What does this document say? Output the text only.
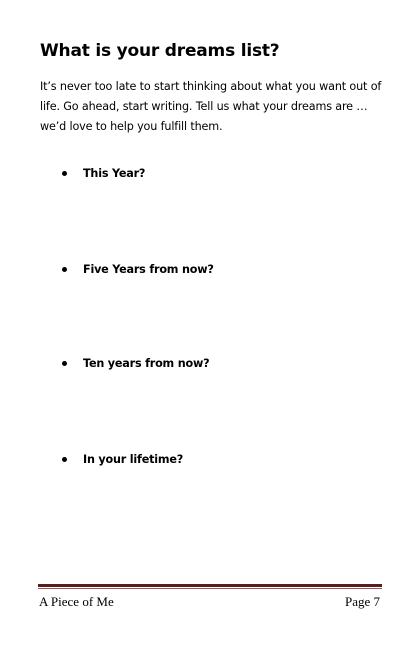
What is your dreams list?

It’s never too late to start thinking about what you want out of life. Go ahead, start writing. Tell us what your dreams are … we’d love to help you fulfill them.

This Year?
Five Years from now?
Ten years from now?
In your lifetime?
A Piece of Me	Page 7
